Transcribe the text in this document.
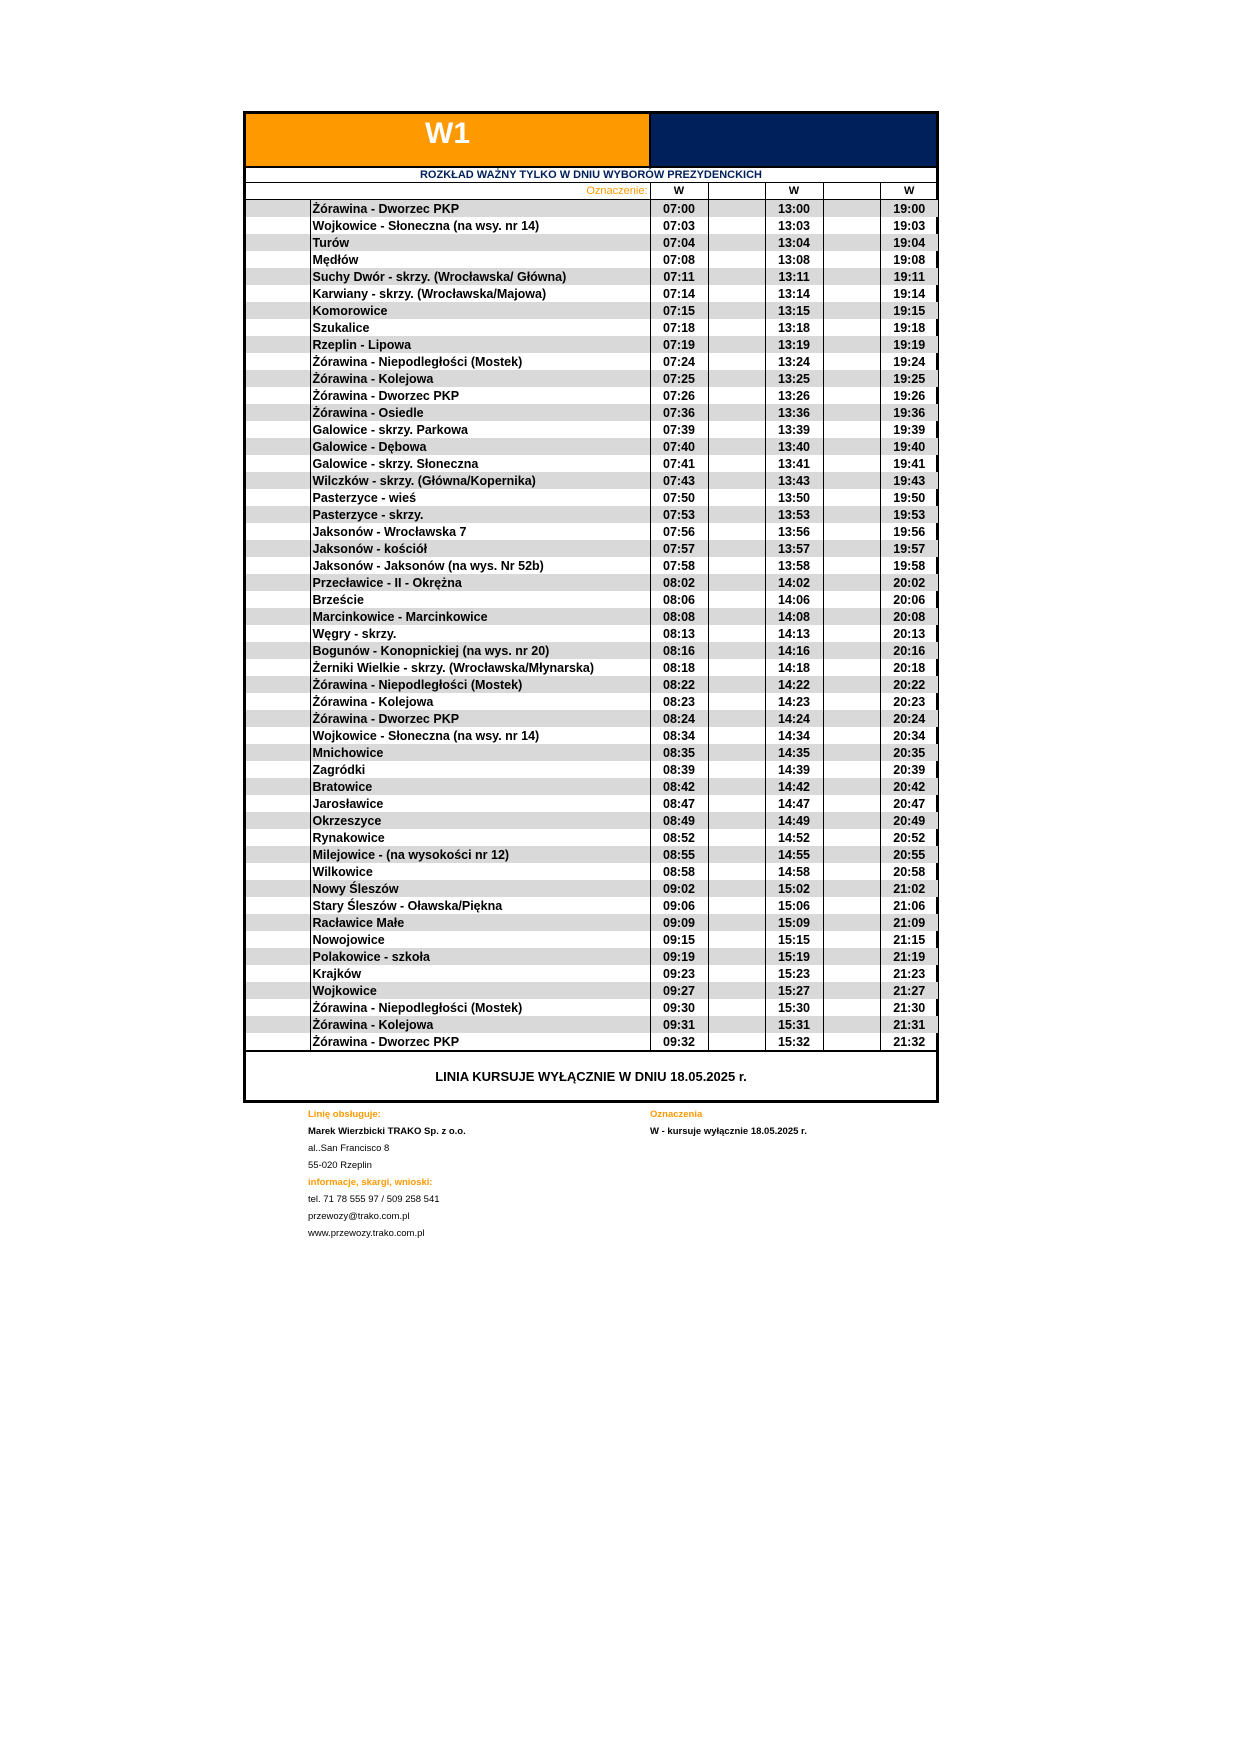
W1
ROZKŁAD WAŻNY TYLKO W DNIU WYBORÓW PREZYDENCKICH
Oznaczenie:		W		W		W
	Żórawina - Dworzec PKP	07:00		13:00		19:00
	Wojkowice - Słoneczna (na wsy. nr 14)	07:03		13:03		19:03
	Turów	07:04		13:04		19:04
	Mędłów	07:08		13:08		19:08
	Suchy Dwór - skrzy. (Wrocławska/ Główna)	07:11		13:11		19:11
	Karwiany - skrzy. (Wrocławska/Majowa)	07:14		13:14		19:14
	Komorowice	07:15		13:15		19:15
	Szukalice	07:18		13:18		19:18
	Rzeplin - Lipowa	07:19		13:19		19:19
	Żórawina - Niepodległości (Mostek)	07:24		13:24		19:24
	Żórawina - Kolejowa	07:25		13:25		19:25
	Żórawina - Dworzec PKP	07:26		13:26		19:26
	Żórawina - Osiedle	07:36		13:36		19:36
	Galowice - skrzy. Parkowa	07:39		13:39		19:39
	Galowice - Dębowa	07:40		13:40		19:40
	Galowice - skrzy. Słoneczna	07:41		13:41		19:41
	Wilczków - skrzy. (Główna/Kopernika)	07:43		13:43		19:43
	Pasterzyce - wieś	07:50		13:50		19:50
	Pasterzyce - skrzy.	07:53		13:53		19:53
	Jaksonów - Wrocławska 7	07:56		13:56		19:56
	Jaksonów - kościół	07:57		13:57		19:57
	Jaksonów - Jaksonów (na wys. Nr 52b)	07:58		13:58		19:58
	Przecławice - II - Okrężna	08:02		14:02		20:02
	Brzeście	08:06		14:06		20:06
	Marcinkowice - Marcinkowice	08:08		14:08		20:08
	Węgry - skrzy.	08:13		14:13		20:13
	Bogunów - Konopnickiej (na wys. nr 20)	08:16		14:16		20:16
	Żerniki Wielkie - skrzy. (Wrocławska/Młynarska)	08:18		14:18		20:18
	Żórawina - Niepodległości (Mostek)	08:22		14:22		20:22
	Żórawina - Kolejowa	08:23		14:23		20:23
	Żórawina - Dworzec PKP	08:24		14:24		20:24
	Wojkowice - Słoneczna (na wsy. nr 14)	08:34		14:34		20:34
	Mnichowice	08:35		14:35		20:35
	Zagródki	08:39		14:39		20:39
	Bratowice	08:42		14:42		20:42
	Jarosławice	08:47		14:47		20:47
	Okrzeszyce	08:49		14:49		20:49
	Rynakowice	08:52		14:52		20:52
	Milejowice - (na wysokości nr 12)	08:55		14:55		20:55
	Wilkowice	08:58		14:58		20:58
	Nowy Śleszów	09:02		15:02		21:02
	Stary Śleszów - Oławska/Piękna	09:06		15:06		21:06
	Racławice Małe	09:09		15:09		21:09
	Nowojowice	09:15		15:15		21:15
	Polakowice - szkoła	09:19		15:19		21:19
	Krajków	09:23		15:23		21:23
	Wojkowice	09:27		15:27		21:27
	Żórawina - Niepodległości (Mostek)	09:30		15:30		21:30
	Żórawina - Kolejowa	09:31		15:31		21:31
	Żórawina - Dworzec PKP	09:32		15:32		21:32
LINIA KURSUJE WYŁĄCZNIE W DNIU 18.05.2025 r.
Linię obsługuje:
Marek Wierzbicki TRAKO Sp. z o.o.
al..San Francisco 8
55-020 Rzeplin
informacje, skargi, wnioski:
tel. 71 78 555 97 / 509 258 541
przewozy@trako.com.pl
www.przewozy.trako.com.pl
Oznaczenia
W - kursuje wyłącznie 18.05.2025 r.
